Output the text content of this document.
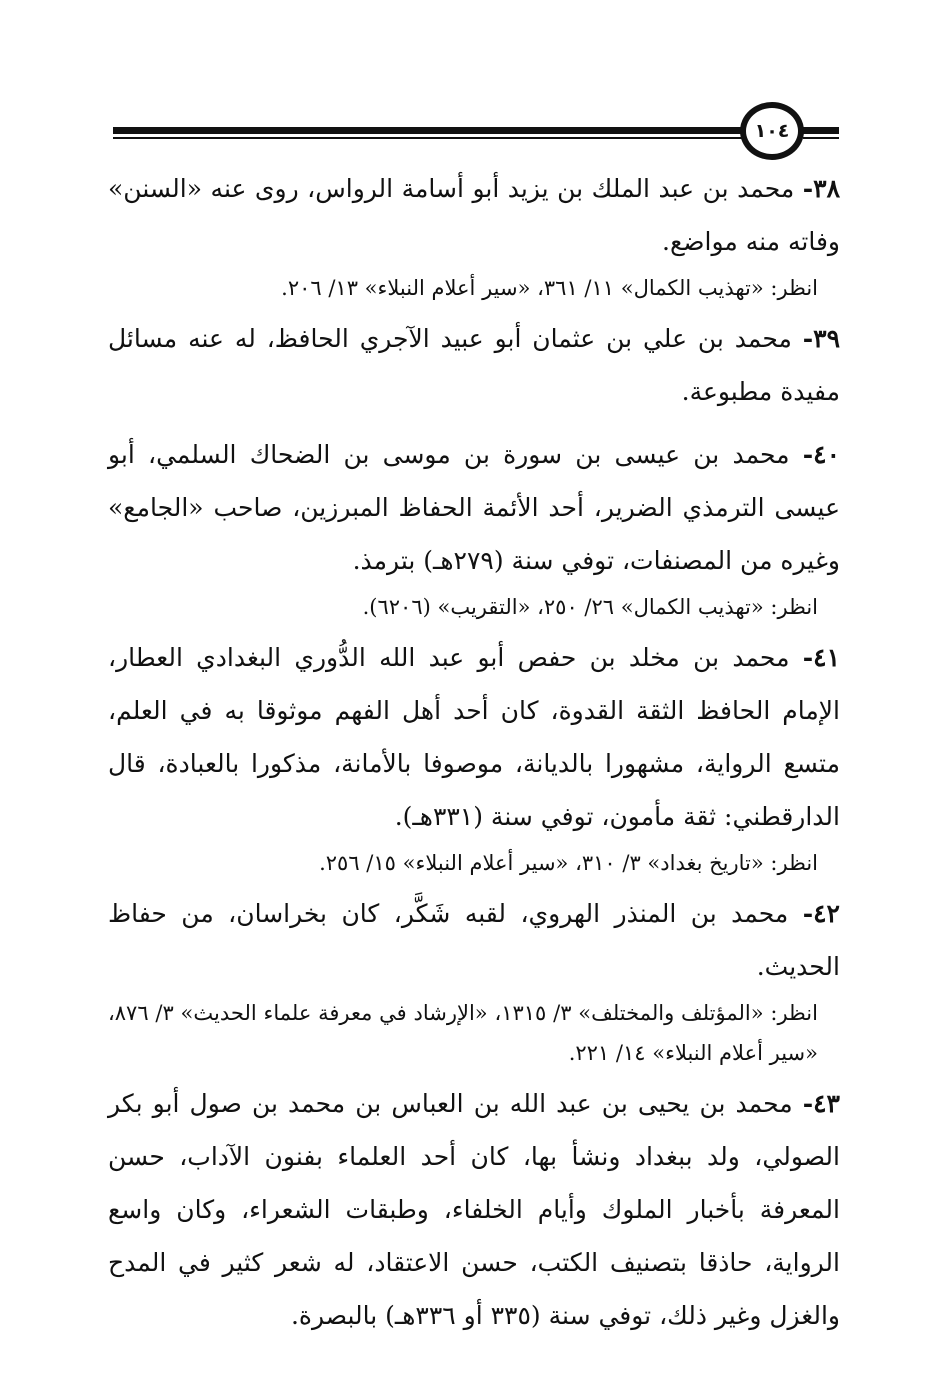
١٠٤

٣٨- محمد بن عبد الملك بن يزيد أبو أسامة الرواس، روى عنه «السنن» وفاته منه مواضع.

انظر: «تهذيب الكمال» ١١/ ٣٦١، «سير أعلام النبلاء» ١٣/ ٢٠٦.

٣٩- محمد بن علي بن عثمان أبو عبيد الآجري الحافظ، له عنه مسائل مفيدة مطبوعة.

٤٠- محمد بن عيسى بن سورة بن موسى بن الضحاك السلمي، أبو عيسى الترمذي الضرير، أحد الأئمة الحفاظ المبرزين، صاحب «الجامع» وغيره من المصنفات، توفي سنة (٢٧٩هـ) بترمذ.

انظر: «تهذيب الكمال» ٢٦/ ٢٥٠، «التقريب» (٦٢٠٦).

٤١- محمد بن مخلد بن حفص أبو عبد الله الدُّوري البغدادي العطار، الإمام الحافظ الثقة القدوة، كان أحد أهل الفهم موثوقا به في العلم، متسع الرواية، مشهورا بالديانة، موصوفا بالأمانة، مذكورا بالعبادة، قال الدارقطني: ثقة مأمون، توفي سنة (٣٣١هـ).

انظر: «تاريخ بغداد» ٣/ ٣١٠، «سير أعلام النبلاء» ١٥/ ٢٥٦.

٤٢- محمد بن المنذر الهروي، لقبه شَكَّر، كان بخراسان، من حفاظ الحديث.

انظر: «المؤتلف والمختلف» ٣/ ١٣١٥، «الإرشاد في معرفة علماء الحديث» ٣/ ٨٧٦، «سير أعلام النبلاء» ١٤/ ٢٢١.

٤٣- محمد بن يحيى بن عبد الله بن العباس بن محمد بن صول أبو بكر الصولي، ولد ببغداد ونشأ بها، كان أحد العلماء بفنون الآداب، حسن المعرفة بأخبار الملوك وأيام الخلفاء، وطبقات الشعراء، وكان واسع الرواية، حاذقا بتصنيف الكتب، حسن الاعتقاد، له شعر كثير في المدح والغزل وغير ذلك، توفي سنة (٣٣٥ أو ٣٣٦هـ) بالبصرة.
